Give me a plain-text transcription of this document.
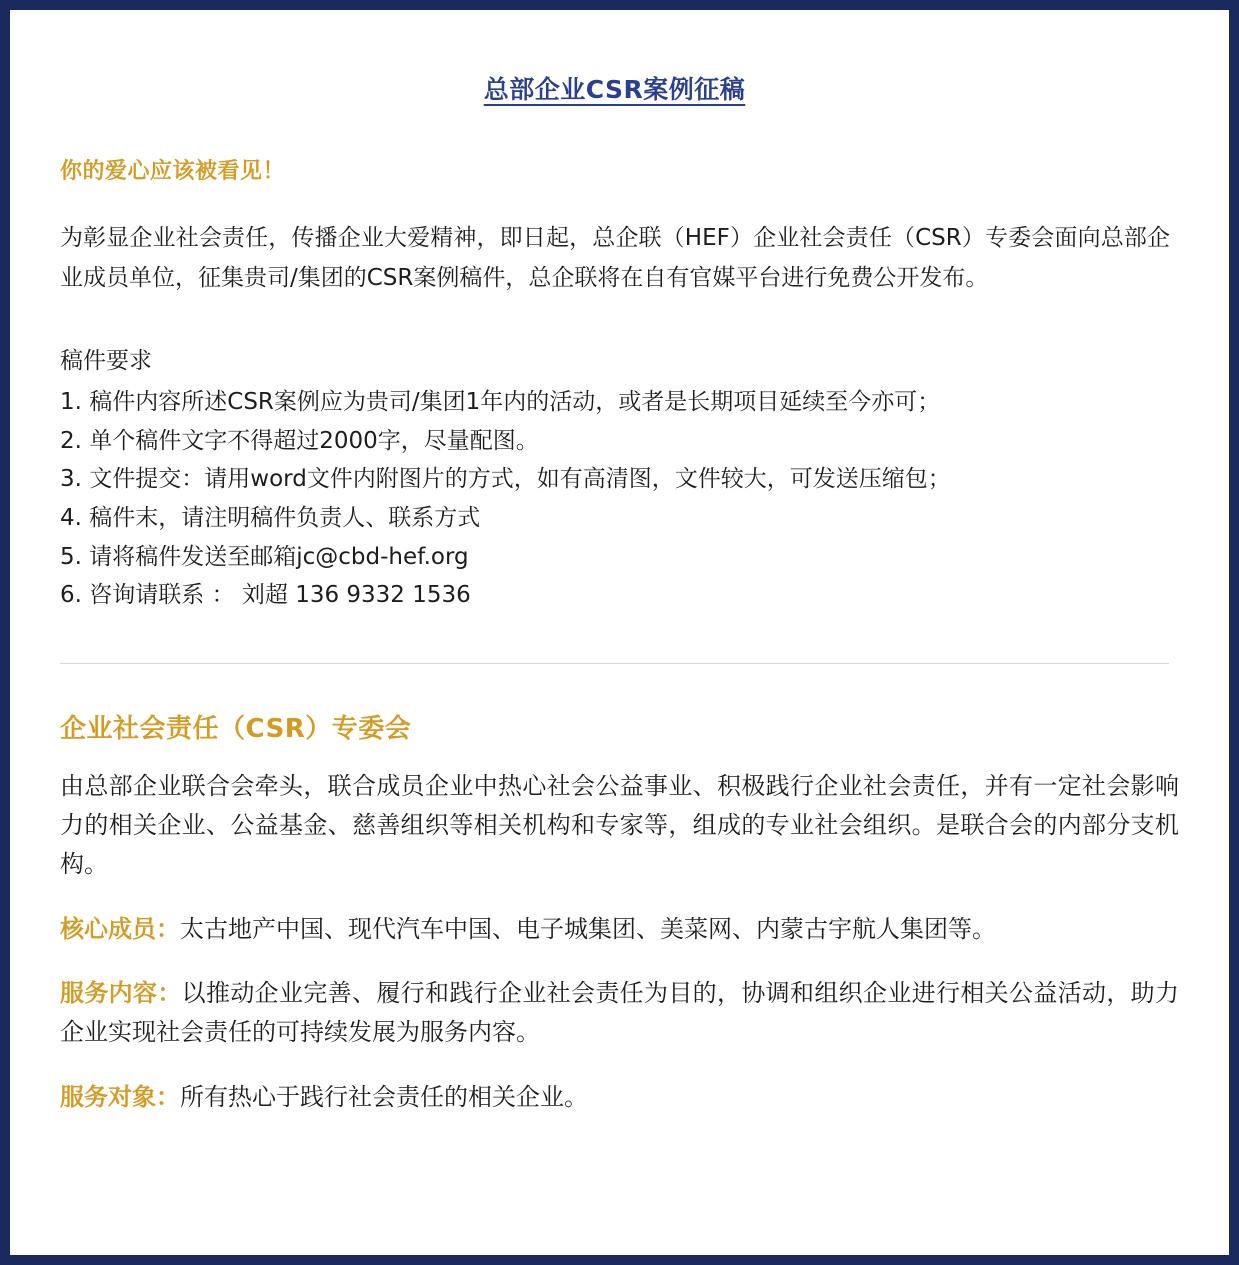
总部企业CSR案例征稿
你的爱心应该被看见！

为彰显企业社会责任，传播企业大爱精神，即日起，总企联（HEF）企业社会责任（CSR）专委会面向总部企业成员单位，征集贵司/集团的CSR案例稿件，总企联将在自有官媒平台进行免费公开发布。

稿件要求
1. 稿件内容所述CSR案例应为贵司/集团1年内的活动，或者是长期项目延续至今亦可；
2. 单个稿件文字不得超过2000字，尽量配图。
3. 文件提交：请用word文件内附图片的方式，如有高清图，文件较大，可发送压缩包；
4. 稿件末，请注明稿件负责人、联系方式
5. 请将稿件发送至邮箱jc@cbd-hef.org
6. 咨询请联系 ： 刘超 136 9332 1536
企业社会责任（CSR）专委会

由总部企业联合会牵头，联合成员企业中热心社会公益事业、积极践行企业社会责任，并有一定社会影响力的相关企业、公益基金、慈善组织等相关机构和专家等，组成的专业社会组织。是联合会的内部分支机构。

核心成员：太古地产中国、现代汽车中国、电子城集团、美菜网、内蒙古宇航人集团等。

服务内容：以推动企业完善、履行和践行企业社会责任为目的，协调和组织企业进行相关公益活动，助力企业实现社会责任的可持续发展为服务内容。

服务对象：所有热心于践行社会责任的相关企业。
